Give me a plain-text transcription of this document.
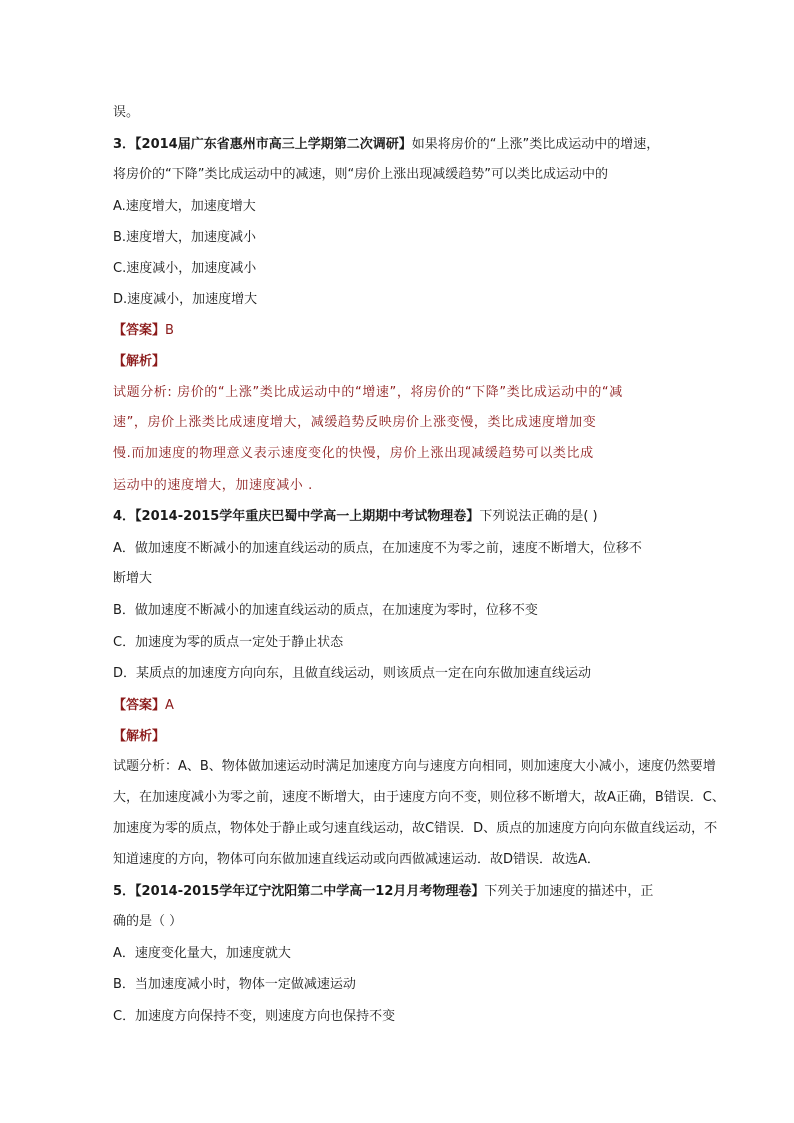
误。
3．【2014届广东省惠州市高三上学期第二次调研】如果将房价的“上涨”类比成运动中的增速，
将房价的“下降”类比成运动中的减速，则“房价上涨出现减缓趋势”可以类比成运动中的
A.速度增大，加速度增大
B.速度增大，加速度减小
C.速度减小，加速度减小
D.速度减小，加速度增大
【答案】B
【解析】
试题分析: 房价的“上涨”类比成运动中的“增速”，将房价的“下降”类比成运动中的“减
速”，房价上涨类比成速度增大，减缓趋势反映房价上涨变慢，类比成速度增加变
慢.而加速度的物理意义表示速度变化的快慢，房价上涨出现减缓趋势可以类比成
运动中的速度增大，加速度减小 .
4．【2014-2015学年重庆巴蜀中学高一上期期中考试物理卷】下列说法正确的是( )
A．做加速度不断减小的加速直线运动的质点，在加速度不为零之前，速度不断增大，位移不
断增大
B．做加速度不断减小的加速直线运动的质点，在加速度为零时，位移不变
C．加速度为零的质点一定处于静止状态
D．某质点的加速度方向向东，且做直线运动，则该质点一定在向东做加速直线运动
【答案】A
【解析】
试题分析：A、B、物体做加速运动时满足加速度方向与速度方向相同，则加速度大小减小，速度仍然要增
大，在加速度减小为零之前，速度不断增大，由于速度方向不变，则位移不断增大，故A正确，B错误．C、
加速度为零的质点，物体处于静止或匀速直线运动，故C错误．D、质点的加速度方向向东做直线运动，不
知道速度的方向，物体可向东做加速直线运动或向西做减速运动．故D错误．故选A．
5．【2014-2015学年辽宁沈阳第二中学高一12月月考物理卷】下列关于加速度的描述中，正
确的是（ ）
A．速度变化量大，加速度就大
B．当加速度减小时，物体一定做减速运动
C．加速度方向保持不变，则速度方向也保持不变
